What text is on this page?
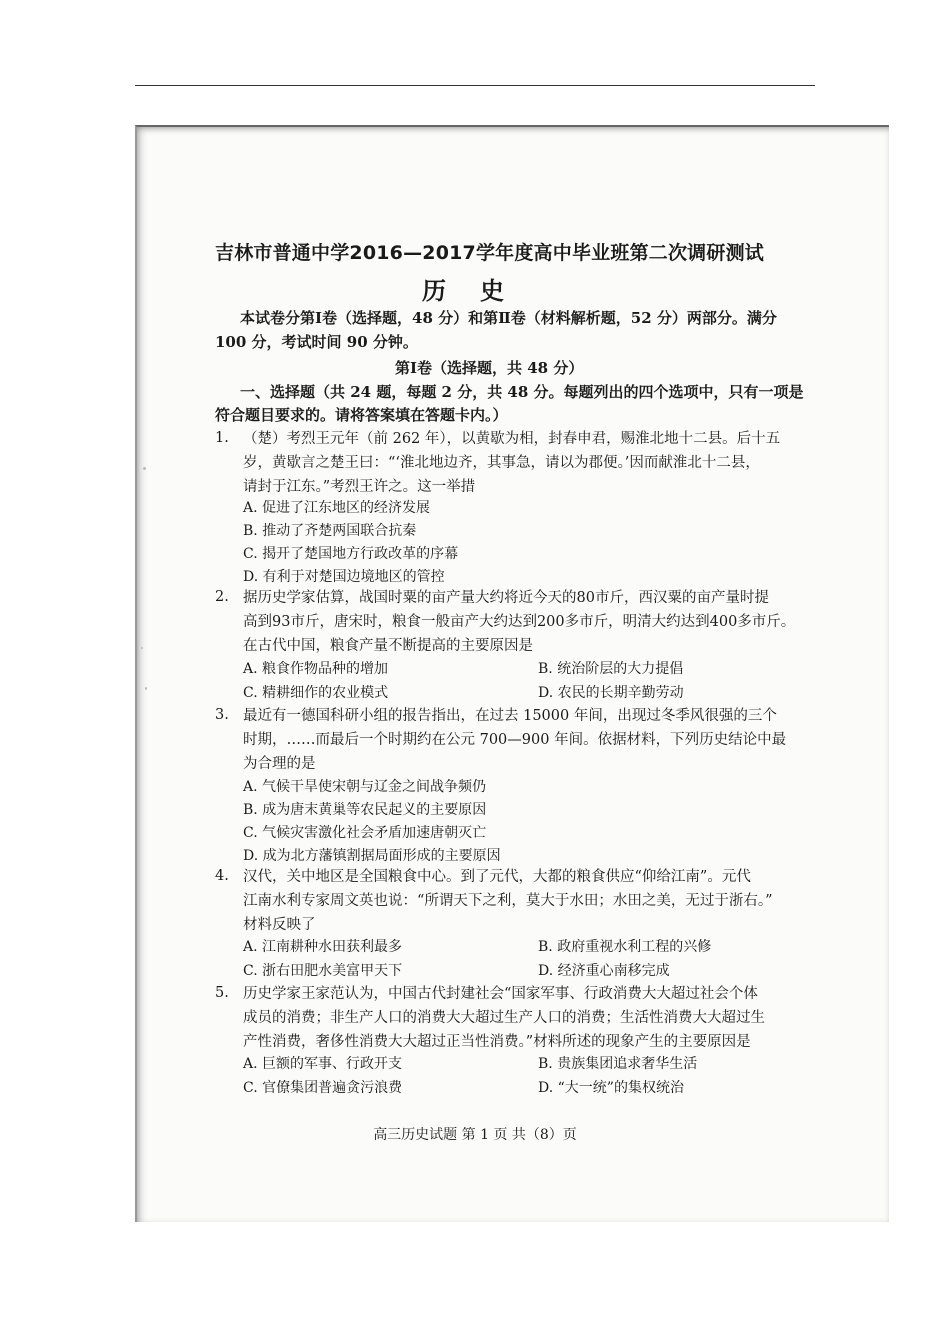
吉林市普通中学2016—2017学年度高中毕业班第二次调研测试
历史
本试卷分第Ⅰ卷（选择题，48 分）和第Ⅱ卷（材料解析题，52 分）两部分。满分
100 分，考试时间 90 分钟。
第Ⅰ卷（选择题，共 48 分）
一、选择题（共 24 题，每题 2 分，共 48 分。每题列出的四个选项中，只有一项是
符合题目要求的。请将答案填在答题卡内。）
1. （楚）考烈王元年（前 262 年），以黄歇为相，封春申君，赐淮北地十二县。后十五
岁，黄歇言之楚王曰：“‘淮北地边齐，其事急，请以为郡便。’因而献淮北十二县，
请封于江东。”考烈王许之。这一举措
A. 促进了江东地区的经济发展
B. 推动了齐楚两国联合抗秦
C. 揭开了楚国地方行政改革的序幕
D. 有利于对楚国边境地区的管控
2. 据历史学家估算，战国时粟的亩产量大约将近今天的80市斤，西汉粟的亩产量时提
高到93市斤，唐宋时，粮食一般亩产大约达到200多市斤，明清大约达到400多市斤。
在古代中国，粮食产量不断提高的主要原因是
A. 粮食作物品种的增加	B. 统治阶层的大力提倡
C. 精耕细作的农业模式	D. 农民的长期辛勤劳动
3. 最近有一德国科研小组的报告指出，在过去 15000 年间，出现过冬季风很强的三个
时期，……而最后一个时期约在公元 700—900 年间。依据材料，下列历史结论中最
为合理的是
A. 气候干旱使宋朝与辽金之间战争频仍
B. 成为唐末黄巢等农民起义的主要原因
C. 气候灾害激化社会矛盾加速唐朝灭亡
D. 成为北方藩镇割据局面形成的主要原因
4. 汉代，关中地区是全国粮食中心。到了元代，大都的粮食供应“仰给江南”。元代
江南水利专家周文英也说：“所谓天下之利，莫大于水田；水田之美，无过于浙右。”
材料反映了
A. 江南耕种水田获利最多	B. 政府重视水利工程的兴修
C. 浙右田肥水美富甲天下	D. 经济重心南移完成
5. 历史学家王家范认为，中国古代封建社会“国家军事、行政消费大大超过社会个体
成员的消费；非生产人口的消费大大超过生产人口的消费；生活性消费大大超过生
产性消费，奢侈性消费大大超过正当性消费。”材料所述的现象产生的主要原因是
A. 巨额的军事、行政开支	B. 贵族集团追求奢华生活
C. 官僚集团普遍贪污浪费	D. “大一统”的集权统治
高三历史试题 第 1 页 共（8）页
